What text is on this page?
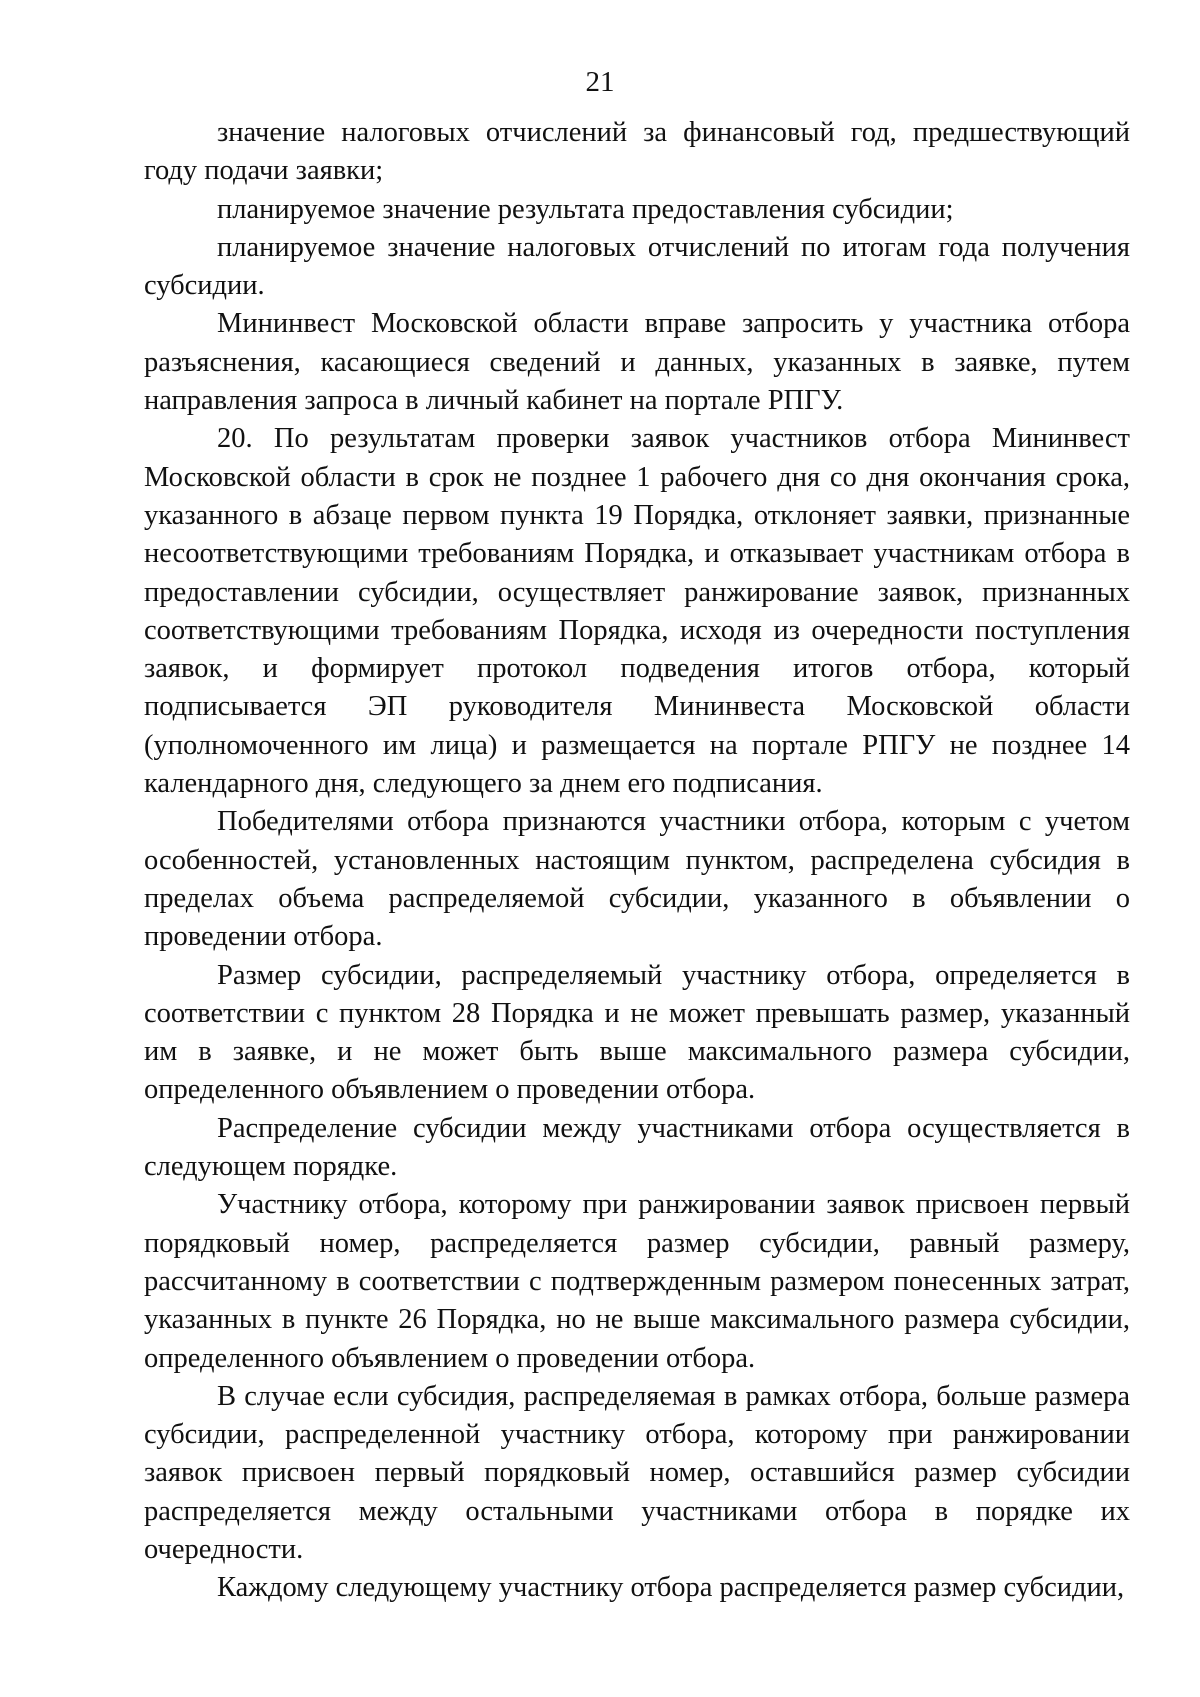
21

значение налоговых отчислений за финансовый год, предшествующий году подачи заявки;

планируемое значение результата предоставления субсидии;

планируемое значение налоговых отчислений по итогам года получения субсидии.

Мининвест Московской области вправе запросить у участника отбора разъяснения, касающиеся сведений и данных, указанных в заявке, путем направления запроса в личный кабинет на портале РПГУ.

20. По результатам проверки заявок участников отбора Мининвест Московской области в срок не позднее 1 рабочего дня со дня окончания срока, указанного в абзаце первом пункта 19 Порядка, отклоняет заявки, признанные несоответствующими требованиям Порядка, и отказывает участникам отбора в предоставлении субсидии, осуществляет ранжирование заявок, признанных соответствующими требованиям Порядка, исходя из очередности поступления заявок, и формирует протокол подведения итогов отбора, который подписывается ЭП руководителя Мининвеста Московской области (уполномоченного им лица) и размещается на портале РПГУ не позднее 14 календарного дня, следующего за днем его подписания.

Победителями отбора признаются участники отбора, которым с учетом особенностей, установленных настоящим пунктом, распределена субсидия в пределах объема распределяемой субсидии, указанного в объявлении о проведении отбора.

Размер субсидии, распределяемый участнику отбора, определяется в соответствии с пунктом 28 Порядка и не может превышать размер, указанный им в заявке, и не может быть выше максимального размера субсидии, определенного объявлением о проведении отбора.

Распределение субсидии между участниками отбора осуществляется в следующем порядке.

Участнику отбора, которому при ранжировании заявок присвоен первый порядковый номер, распределяется размер субсидии, равный размеру, рассчитанному в соответствии с подтвержденным размером понесенных затрат, указанных в пункте 26 Порядка, но не выше максимального размера субсидии, определенного объявлением о проведении отбора.

В случае если субсидия, распределяемая в рамках отбора, больше размера субсидии, распределенной участнику отбора, которому при ранжировании заявок присвоен первый порядковый номер, оставшийся размер субсидии распределяется между остальными участниками отбора в порядке их очередности.

Каждому следующему участнику отбора распределяется размер субсидии,
